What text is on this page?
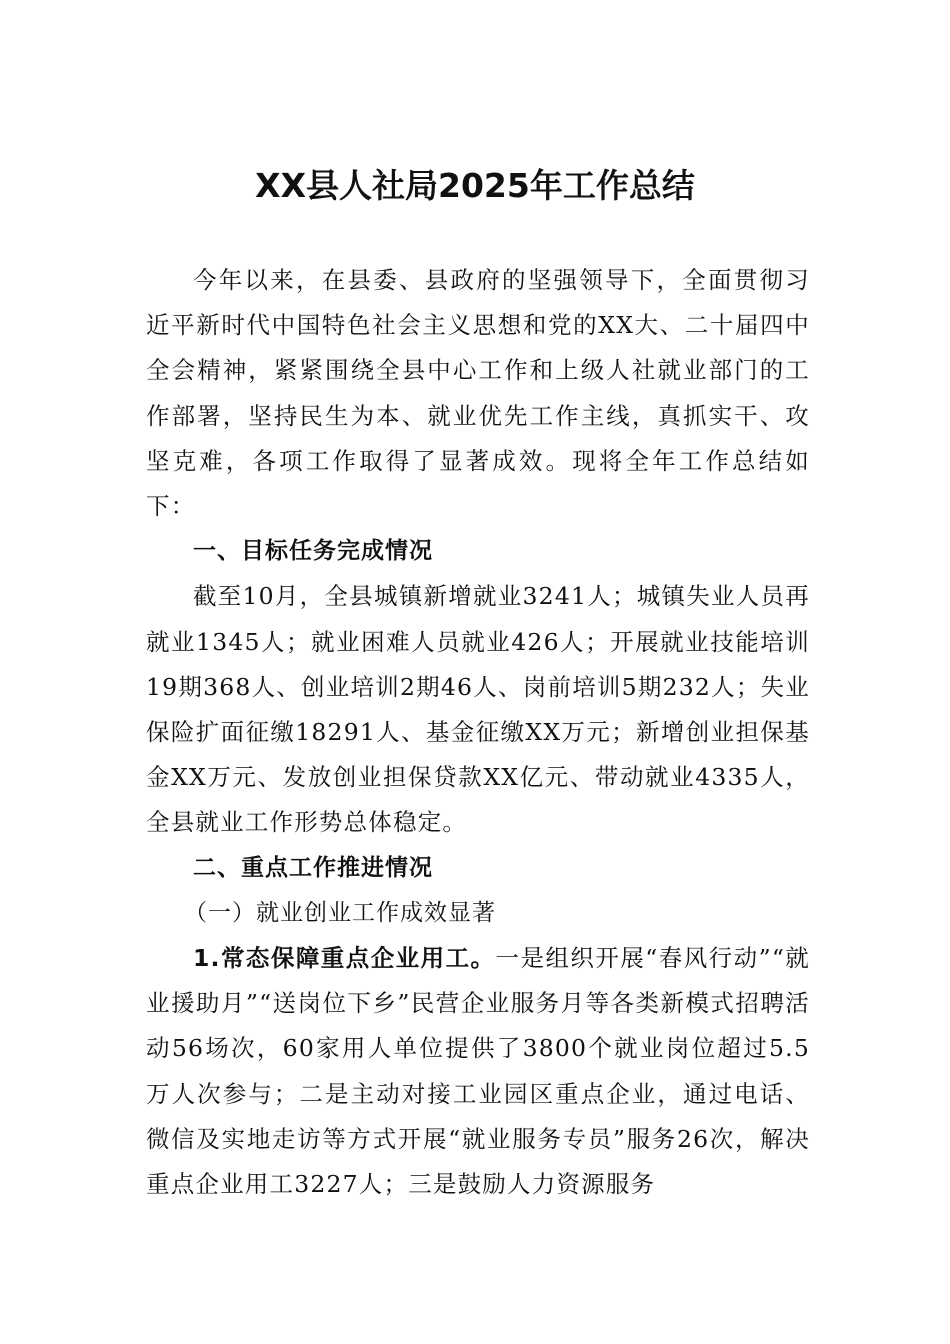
XX县人社局2025年工作总结

今年以来，在县委、县政府的坚强领导下，全面贯彻习近平新时代中国特色社会主义思想和党的XX大、二十届四中全会精神，紧紧围绕全县中心工作和上级人社就业部门的工作部署，坚持民生为本、就业优先工作主线，真抓实干、攻坚克难，各项工作取得了显著成效。现将全年工作总结如下：

一、目标任务完成情况

截至10月，全县城镇新增就业3241人；城镇失业人员再就业1345人；就业困难人员就业426人；开展就业技能培训19期368人、创业培训2期46人、岗前培训5期232人；失业保险扩面征缴18291人、基金征缴XX万元；新增创业担保基金XX万元、发放创业担保贷款XX亿元、带动就业4335人，全县就业工作形势总体稳定。

二、重点工作推进情况

（一）就业创业工作成效显著

1.常态保障重点企业用工。一是组织开展“春风行动”“就业援助月”“送岗位下乡”民营企业服务月等各类新模式招聘活动56场次，60家用人单位提供了3800个就业岗位超过5.5万人次参与；二是主动对接工业园区重点企业，通过电话、微信及实地走访等方式开展“就业服务专员”服务26次，解决重点企业用工3227人；三是鼓励人力资源服务
